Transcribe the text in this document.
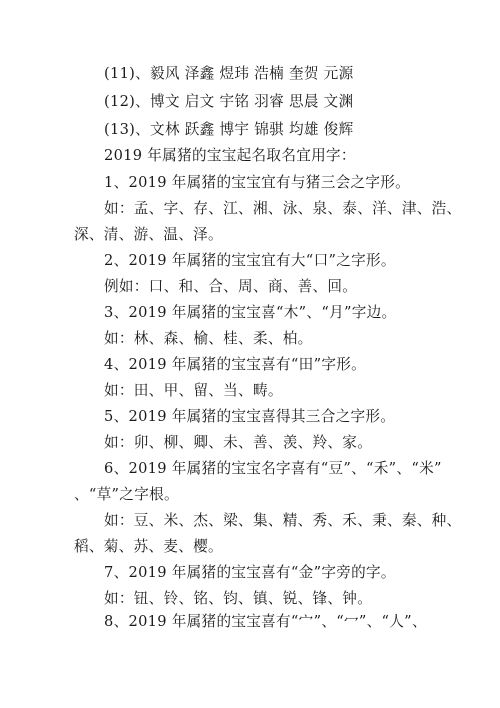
(11)、毅风 泽鑫 煜玮 浩楠 奎贺 元源
(12)、博文 启文 宇铭 羽睿 思晨 文渊
(13)、文林 跃鑫 博宇 锦骐 均雄 俊辉
2019 年属猪的宝宝起名取名宜用字：
1、2019 年属猪的宝宝宜有与猪三会之字形。
如：孟、字、存、江、湘、泳、泉、泰、洋、津、浩、
深、清、游、温、泽。
2、2019 年属猪的宝宝宜有大“口”之字形。
例如：口、和、合、周、商、善、回。
3、2019 年属猪的宝宝喜“木”、“月”字边。
如：林、森、榆、桂、柔、柏。
4、2019 年属猪的宝宝喜有“田”字形。
如：田、甲、留、当、畴。
5、2019 年属猪的宝宝喜得其三合之字形。
如：卯、柳、卿、未、善、羡、羚、家。
6、2019 年属猪的宝宝名字喜有“豆”、“禾”、“米”
、“草”之字根。
如：豆、米、杰、梁、集、精、秀、禾、秉、秦、种、
稻、菊、苏、麦、樱。
7、2019 年属猪的宝宝喜有“金”字旁的字。
如：钮、铃、铭、钧、镇、锐、锋、钟。
8、2019 年属猪的宝宝喜有“宀”、“冖”、“人”、
